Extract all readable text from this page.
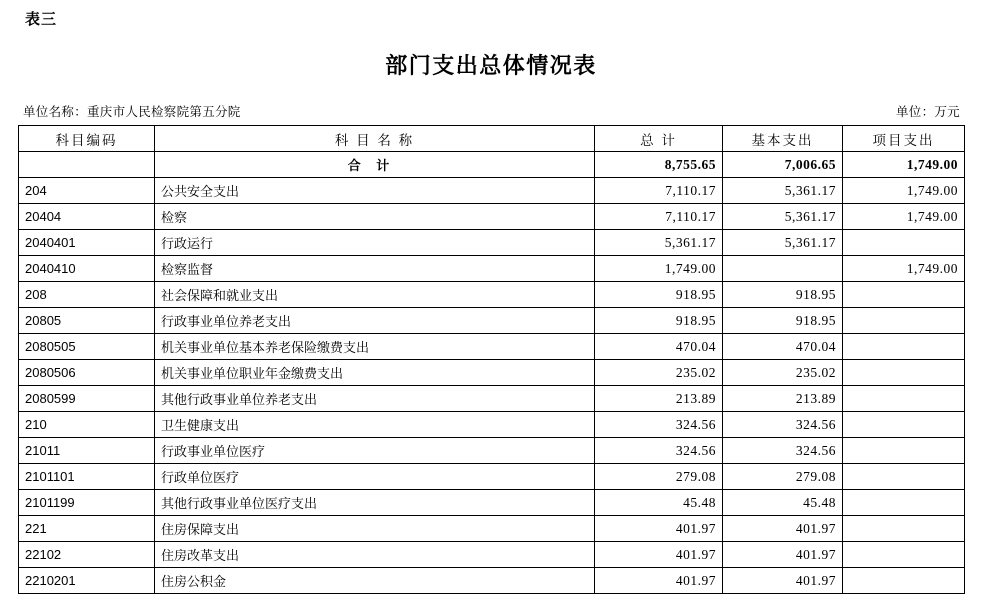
表三
部门支出总体情况表
单位名称：重庆市人民检察院第五分院	单位：万元
科目编码	科 目 名 称	总 计	基本支出	项目支出
	合 计	8,755.65	7,006.65	1,749.00
204	公共安全支出	7,110.17	5,361.17	1,749.00
20404	检察	7,110.17	5,361.17	1,749.00
2040401	行政运行	5,361.17	5,361.17	
2040410	检察监督	1,749.00		1,749.00
208	社会保障和就业支出	918.95	918.95	
20805	行政事业单位养老支出	918.95	918.95	
2080505	机关事业单位基本养老保险缴费支出	470.04	470.04	
2080506	机关事业单位职业年金缴费支出	235.02	235.02	
2080599	其他行政事业单位养老支出	213.89	213.89	
210	卫生健康支出	324.56	324.56	
21011	行政事业单位医疗	324.56	324.56	
2101101	行政单位医疗	279.08	279.08	
2101199	其他行政事业单位医疗支出	45.48	45.48	
221	住房保障支出	401.97	401.97	
22102	住房改革支出	401.97	401.97	
2210201	住房公积金	401.97	401.97	
